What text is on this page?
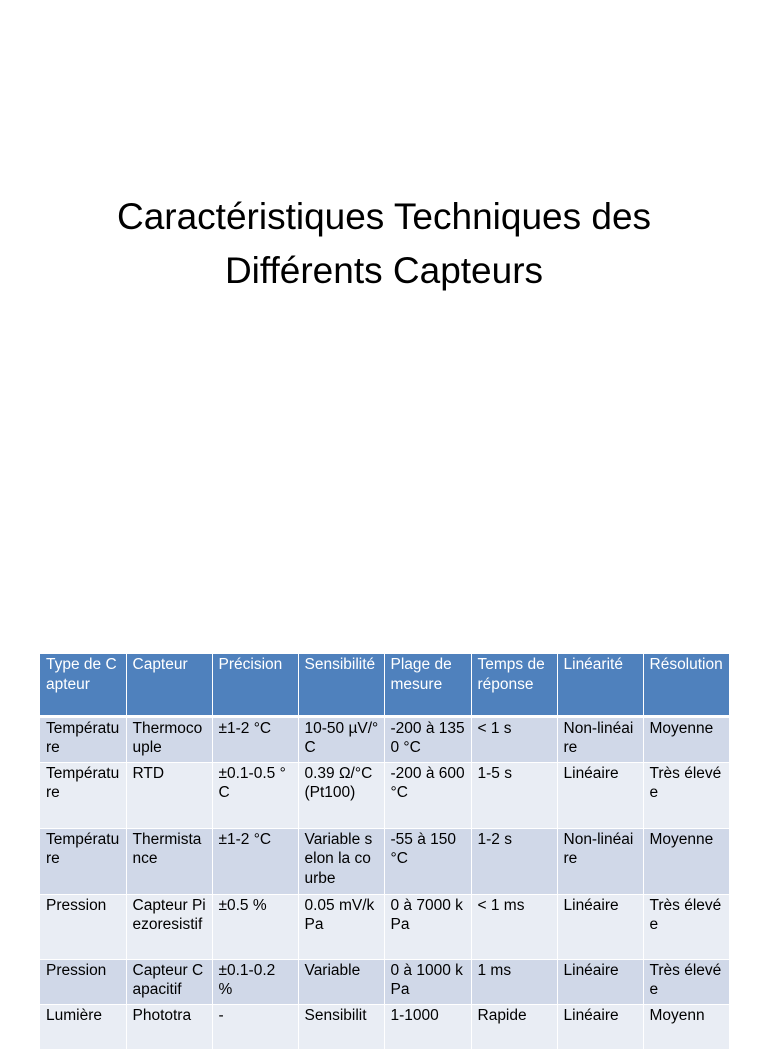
Caractéristiques Techniques des
Différents Capteurs
Type de Capteur	Capteur	Précision	Sensibilité	Plage de mesure	Temps de réponse	Linéarité	Résolution
Température	Thermocouple	±1-2 °C	10-50 µV/°C	-200 à 1350 °C	< 1 s	Non-linéaire	Moyenne
Température	RTD	±0.1-0.5 °C	0.39 Ω/°C (Pt100)	-200 à 600 °C	1-5 s	Linéaire	Très élevée
Température	Thermistance	±1-2 °C	Variable selon la courbe	-55 à 150 °C	1-2 s	Non-linéaire	Moyenne
Pression	Capteur Piezoresistif	±0.5 %	0.05 mV/kPa	0 à 7000 kPa	< 1 ms	Linéaire	Très élevée
Pression	Capteur Capacitif	±0.1-0.2 %	Variable	0 à 1000 kPa	1 ms	Linéaire	Très élevée
Lumière	Phototra	-	Sensibilit	1-1000	Rapide	Linéaire	Moyenn
